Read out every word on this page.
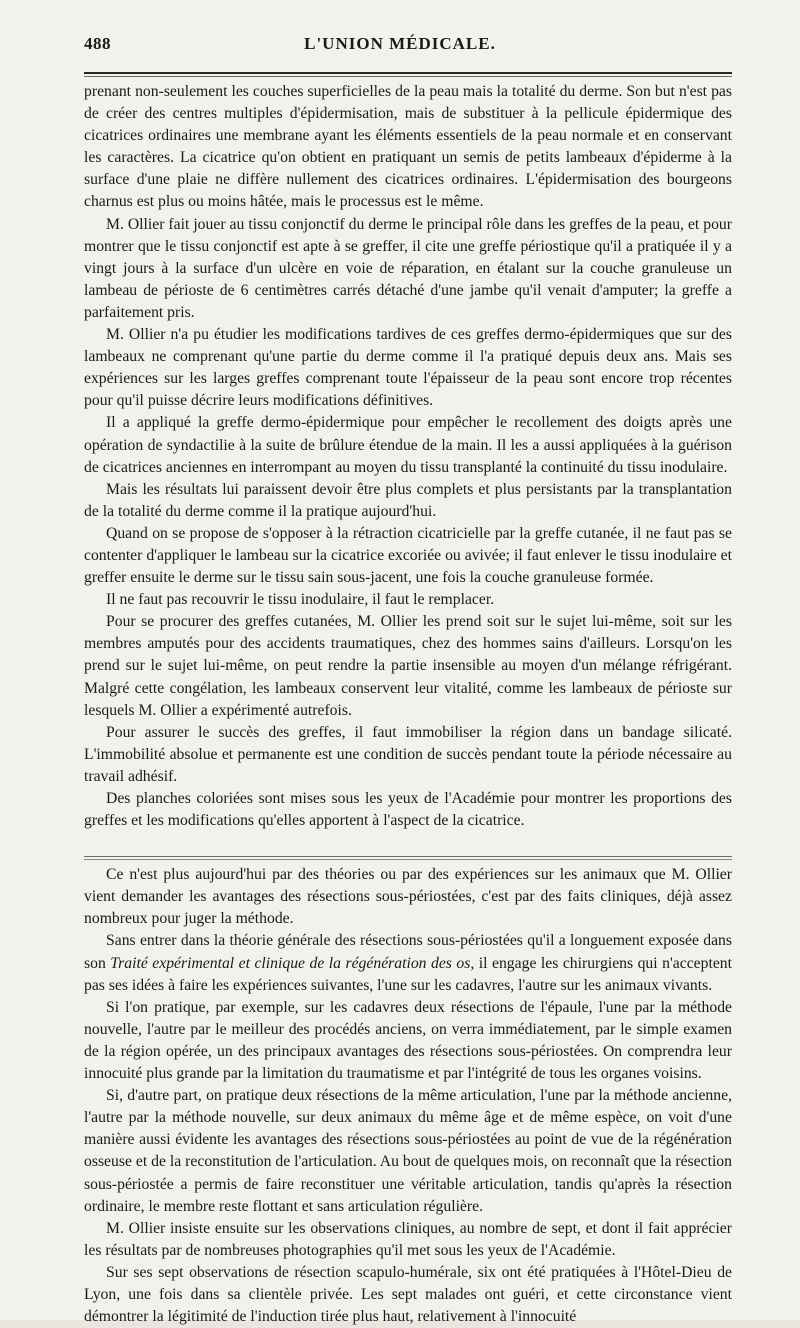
488	L'UNION MÉDICALE.

prenant non-seulement les couches superficielles de la peau mais la totalité du derme. Son but n'est pas de créer des centres multiples d'épidermisation, mais de substituer à la pellicule épidermique des cicatrices ordinaires une membrane ayant les éléments essentiels de la peau normale et en conservant les caractères. La cicatrice qu'on obtient en pratiquant un semis de petits lambeaux d'épiderme à la surface d'une plaie ne diffère nullement des cicatrices ordinaires. L'épidermisation des bourgeons charnus est plus ou moins hâtée, mais le processus est le même.

M. Ollier fait jouer au tissu conjonctif du derme le principal rôle dans les greffes de la peau, et pour montrer que le tissu conjonctif est apte à se greffer, il cite une greffe périostique qu'il a pratiquée il y a vingt jours à la surface d'un ulcère en voie de réparation, en étalant sur la couche granuleuse un lambeau de périoste de 6 centimètres carrés détaché d'une jambe qu'il venait d'amputer; la greffe a parfaitement pris.

M. Ollier n'a pu étudier les modifications tardives de ces greffes dermo-épidermiques que sur des lambeaux ne comprenant qu'une partie du derme comme il l'a pratiqué depuis deux ans. Mais ses expériences sur les larges greffes comprenant toute l'épaisseur de la peau sont encore trop récentes pour qu'il puisse décrire leurs modifications définitives.

Il a appliqué la greffe dermo-épidermique pour empêcher le recollement des doigts après une opération de syndactilie à la suite de brûlure étendue de la main. Il les a aussi appliquées à la guérison de cicatrices anciennes en interrompant au moyen du tissu transplanté la continuité du tissu inodulaire.

Mais les résultats lui paraissent devoir être plus complets et plus persistants par la transplantation de la totalité du derme comme il la pratique aujourd'hui.

Quand on se propose de s'opposer à la rétraction cicatricielle par la greffe cutanée, il ne faut pas se contenter d'appliquer le lambeau sur la cicatrice excoriée ou avivée; il faut enlever le tissu inodulaire et greffer ensuite le derme sur le tissu sain sous-jacent, une fois la couche granuleuse formée.

Il ne faut pas recouvrir le tissu inodulaire, il faut le remplacer.

Pour se procurer des greffes cutanées, M. Ollier les prend soit sur le sujet lui-même, soit sur les membres amputés pour des accidents traumatiques, chez des hommes sains d'ailleurs. Lorsqu'on les prend sur le sujet lui-même, on peut rendre la partie insensible au moyen d'un mélange réfrigérant. Malgré cette congélation, les lambeaux conservent leur vitalité, comme les lambeaux de périoste sur lesquels M. Ollier a expérimenté autrefois.

Pour assurer le succès des greffes, il faut immobiliser la région dans un bandage silicaté. L'immobilité absolue et permanente est une condition de succès pendant toute la période nécessaire au travail adhésif.

Des planches coloriées sont mises sous les yeux de l'Académie pour montrer les proportions des greffes et les modifications qu'elles apportent à l'aspect de la cicatrice.

Ce n'est plus aujourd'hui par des théories ou par des expériences sur les animaux que M. Ollier vient demander les avantages des résections sous-périostées, c'est par des faits cliniques, déjà assez nombreux pour juger la méthode.

Sans entrer dans la théorie générale des résections sous-périostées qu'il a longuement exposée dans son Traité expérimental et clinique de la régénération des os, il engage les chirurgiens qui n'acceptent pas ses idées à faire les expériences suivantes, l'une sur les cadavres, l'autre sur les animaux vivants.

Si l'on pratique, par exemple, sur les cadavres deux résections de l'épaule, l'une par la méthode nouvelle, l'autre par le meilleur des procédés anciens, on verra immédiatement, par le simple examen de la région opérée, un des principaux avantages des résections sous-périostées. On comprendra leur innocuité plus grande par la limitation du traumatisme et par l'intégrité de tous les organes voisins.

Si, d'autre part, on pratique deux résections de la même articulation, l'une par la méthode ancienne, l'autre par la méthode nouvelle, sur deux animaux du même âge et de même espèce, on voit d'une manière aussi évidente les avantages des résections sous-périostées au point de vue de la régénération osseuse et de la reconstitution de l'articulation. Au bout de quelques mois, on reconnaît que la résection sous-périostée a permis de faire reconstituer une véritable articulation, tandis qu'après la résection ordinaire, le membre reste flottant et sans articulation régulière.

M. Ollier insiste ensuite sur les observations cliniques, au nombre de sept, et dont il fait apprécier les résultats par de nombreuses photographies qu'il met sous les yeux de l'Académie.

Sur ses sept observations de résection scapulo-humérale, six ont été pratiquées à l'Hôtel-Dieu de Lyon, une fois dans sa clientèle privée. Les sept malades ont guéri, et cette circonstance vient démontrer la légitimité de l'induction tirée plus haut, relativement à l'innocuité
